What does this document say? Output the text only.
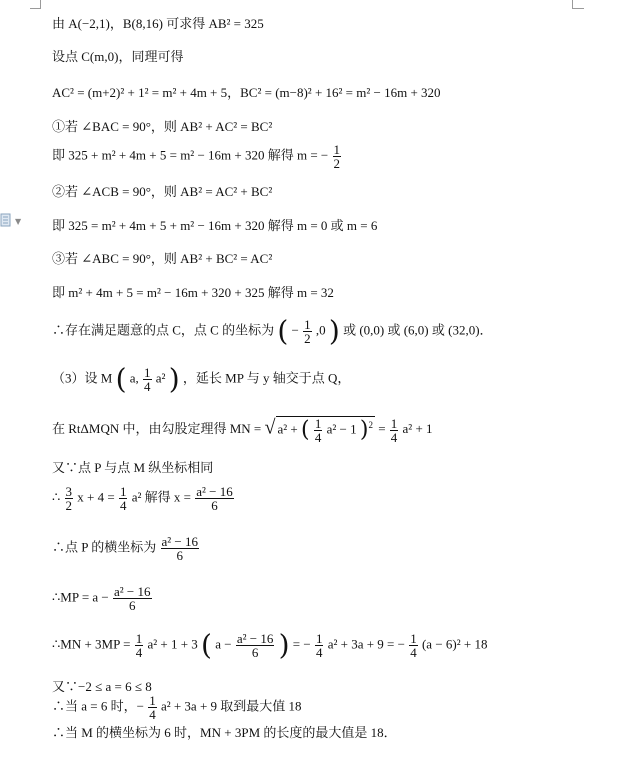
▼
由 A(−2,1)，B(8,16) 可求得 AB² = 325
设点 C(m,0)，同理可得
AC² = (m+2)² + 1² = m² + 4m + 5，BC² = (m−8)² + 16² = m² − 16m + 320
①若 ∠BAC = 90°，则 AB² + AC² = BC²
即 325 + m² + 4m + 5 = m² − 16m + 320 解得 m = − $\frac{1}{2}$
②若 ∠ACB = 90°，则 AB² = AC² + BC²
即 325 = m² + 4m + 5 + m² − 16m + 320 解得 m = 0 或 m = 6
③若 ∠ABC = 90°，则 AB² + BC² = AC²
即 m² + 4m + 5 = m² − 16m + 320 + 325 解得 m = 32
∴存在满足题意的点 C，点 C 的坐标为 ( − $\frac{1}{2} ,0$ ) 或 (0,0) 或 (6,0) 或 (32,0)．
（3）设 M ( a, $\frac{1}{4} a^2$ ) ，延长 MP 与 y 轴交于点 Q，
在 RtΔMQN 中，由勾股定理得 MN = √ a² + ( $\frac{1}{4} a^2 - 1$ )$^2 = \frac{1}{4} a^2 + 1$
又∵点 P 与点 M 纵坐标相同
∴ $\frac{3}{2}$ $x + 4 = \frac{1}{4} a^2$ 解得 $x = \frac{\text{a² − 16}}{6}$
∴点 P 的横坐标为 $\frac{\text{a² − 16}}{6}$
∴MP = $a - \frac{\text{a² − 16}}{6}$
∴MN + $3MP = \frac{1}{4} a^2 + 1 + 3$ ( $a - \frac{\text{a² − 16}}{6}$ ) = − $\frac{1}{4} a^2 + 3a + 9$ = − $\frac{1}{4} (a - 6)^2 + 18$
又∵−2 ≤ a = 6 ≤ 8
∴当 a = 6 时，− $\frac{1}{4} a^2 + 3a + 9$ 取到最大值 18
∴当 M 的横坐标为 6 时，MN + 3PM 的长度的最大值是 18．
